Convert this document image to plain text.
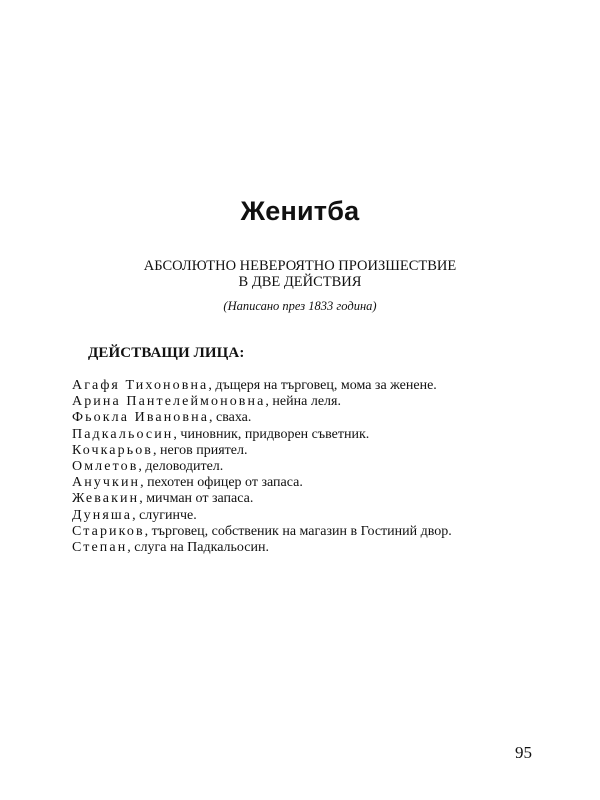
Женитба
АБСОЛЮТНО НЕВЕРОЯТНО ПРОИЗШЕСТВИЕ
В ДВЕ ДЕЙСТВИЯ
(Написано през 1833 година)
ДЕЙСТВАЩИ ЛИЦА:
Агафя Тихоновна, дъщеря на търговец, мома за женене.
Арина Пантелеймоновна, нейна леля.
Фьокла Ивановна, сваха.
Падкальосин, чиновник, придворен съветник.
Кочкарьов, негов приятел.
Омлетов, деловодител.
Анучкин, пехотен офицер от запаса.
Жевакин, мичман от запаса.
Дуняша, слугинче.
Стариков, търговец, собственик на магазин в Гостиний двор.
Степан, слуга на Падкальосин.
95
